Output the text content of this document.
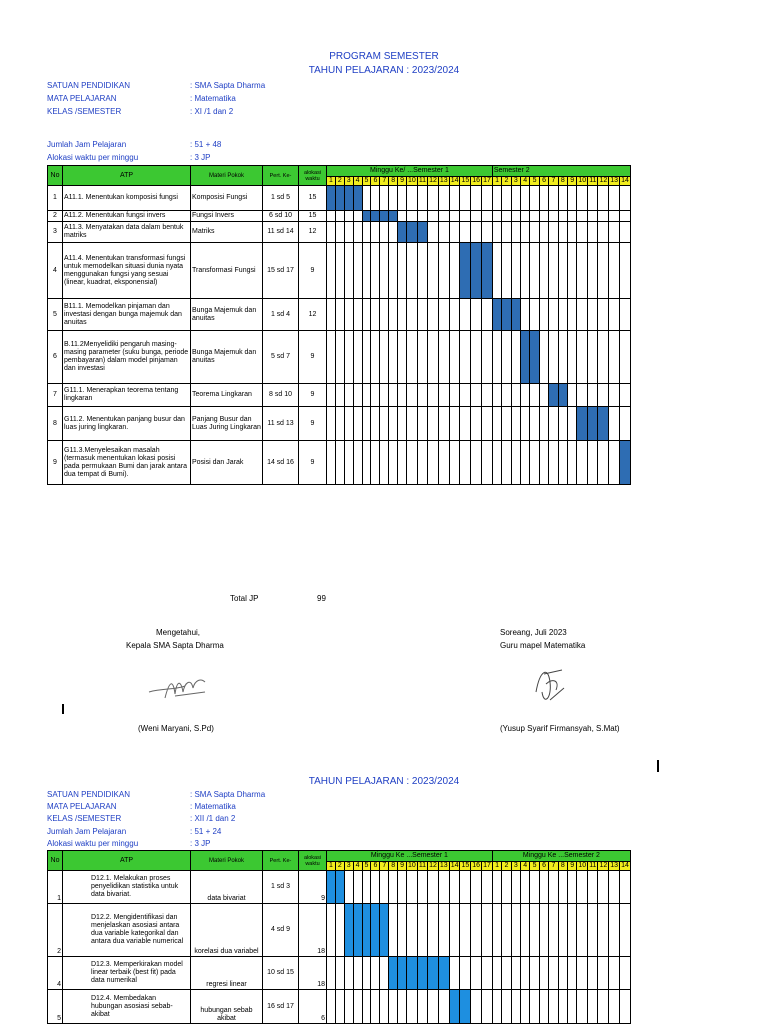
PROGRAM SEMESTER
TAHUN PELAJARAN : 2023/2024
SATUAN PENDIDIKAN	: SMA Sapta Dharma
MATA PELAJARAN	: Matematika
KELAS /SEMESTER	: XI /1 dan 2
Jumlah Jam Pelajaran	: 51 + 48
Alokasi waktu per minggu	: 3 JP
No	ATP	Materi Pokok	Pert. Ke-	alokasi waktu	Minggu Ke/ ...Semester 1																	Semester 2													
					1	2	3	4	5	6	7	8	9	10	11	12	13	14	15	16	17	1	2	3	4	5	6	7	8	9	10	11	12	13	14
1	A11.1. Menentukan komposisi fungsi	Komposisi Fungsi	1 sd 5	15																															
2	A11.2. Menentukan fungsi invers	Fungsi Invers	6 sd 10	15																															
3	A11.3. Menyatakan data dalam bentuk matriks	Matriks	11 sd 14	12																															
4	A11.4. Menentukan transformasi fungsi untuk memodelkan situasi dunia nyata menggunakan fungsi yang sesuai (linear, kuadrat, eksponensial)	Transformasi Fungsi	15 sd 17	9																															
5	B11.1. Memodelkan pinjaman dan investasi dengan bunga majemuk dan anuitas	Bunga Majemuk dan anuitas	1 sd 4	12																															
6	B.11.2Menyelidiki pengaruh masing-masing parameter (suku bunga, periode pembayaran) dalam model pinjaman dan investasi	Bunga Majemuk dan anuitas	5 sd 7	9																															
7	G11.1. Menerapkan teorema tentang lingkaran	Teorema Lingkaran	8 sd 10	9																															
8	G11.2. Menentukan panjang busur dan luas juring lingkaran.	Panjang Busur dan Luas Juring Lingkaran	11 sd 13	9																															
9	G11.3.Menyelesaikan masalah (termasuk menentukan lokasi posisi pada permukaan Bumi dan jarak antara dua tempat di Bumi).	Posisi dan Jarak	14 sd 16	9																															
Total JP	99
Mengetahui,
Kepala SMA Sapta Dharma
(Weni Maryani, S.Pd)
Soreang, Juli 2023
Guru mapel Matematika
(Yusup Syarif Firmansyah, S.Mat)
TAHUN PELAJARAN : 2023/2024
SATUAN PENDIDIKAN	: SMA Sapta Dharma
MATA PELAJARAN	: Matematika
KELAS /SEMESTER	: XII /1 dan 2
Jumlah Jam Pelajaran	: 51 + 24
Alokasi waktu per minggu	: 3 JP
No	ATP	Materi Pokok	Pert. Ke-	alokasi waktu	Minggu Ke ...Semester 1																	Minggu Ke ...Semester 2													
					1	2	3	4	5	6	7	8	9	10	11	12	13	14	15	16	17	1	2	3	4	5	6	7	8	9	10	11	12	13	14
1	D12.1. Melakukan proses penyelidikan statistika untuk data bivariat.	data bivariat	1 sd 3	9																															
2	D12.2. Mengidentifikasi dan menjelaskan asosiasi antara dua variable kategorikal dan antara dua variable numerical	korelasi dua variabel	4 sd 9	18																															
4	D12.3. Memperkirakan model linear terbaik (best fit) pada data numerikal	regresi linear	10 sd 15	18																															
5	D12.4. Membedakan hubungan asosiasi sebab-akibat	hubungan sebab akibat	16 sd 17	6																															
